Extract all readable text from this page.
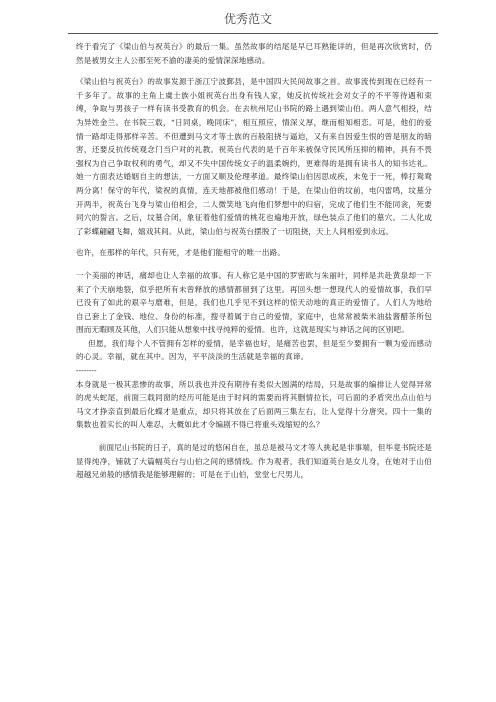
优秀范文

终于看完了《梁山伯与祝英台》的最后一集。虽然故事的结尾是早已耳熟能详的，但是再次欣赏时，仍然是被男女主人公那至死不渝的凄美的爱情深深地感动。

《梁山伯与祝英台》的故事发源于浙江宁波鄞县，是中国四大民间故事之首。故事流传到现在已经有一千多年了。故事的主角上虞士族小姐祝英台出身有钱人家，她反抗传统社会对女子的不平等待遇和束缚，争取与男孩子一样有读书受教育的机会。在去杭州尼山书院的路上遇到梁山伯。两人意气相投，结为异姓金兰。在书院三载，“日同桌，晚同床”，相互照应，情深义厚，继而相知相恋。可是，他们的爱情一路却走得那样辛苦。不但遭到马文才等士族的百般阻挠与逼迫，又有来自因爱生恨的曾是朋友的暗害，还要反抗传统观念门当户对的礼教。祝英台代表的是千百年来被保守民风所压抑的精神，具有不畏强权为自己争取权利的勇气，却又不失中国传统女子的温柔婉约，更难得的是拥有读书人的知书达礼。她一方面表达婚姻自主的想法，一方面又顺及伦理孝道。最终梁山伯因思成疾，未免于一死，棒打鸳鸯两分离！保守的年代，梁祝的真情，连天地都被他们感动！于是，在梁山伯的坟前，电闪雷鸣，坟墓分开两半，祝英台飞身与梁山伯相会，二人微笑地飞向他们梦想中的归宿，完成了他们生不能同衾，死要同穴的誓言。之后，坟墓合闭，象征着他们爱情的桃花也遍地开放，绿色装点了他们的墓穴。二人化成了彩蝶翩翩飞舞，嬉戏其间。从此，梁山伯与祝英台摆脱了一切阻挠，天上人间相爱到永远。

也许，在那样的年代，只有死，才是他们能相守的唯一出路。

一个美丽的神话，痛却也让人幸福的故事。有人称它是中国的罗密欧与朱丽叶，同样是共赴黄泉却一下来了个天崩地裂，似乎把所有未曾释放的感情都留到了这里。再回头想一想现代人的爱情故事，我们早已没有了如此的艰辛与磨难，但是，我们也几乎见不到这样的惊天动地的真正的爱情了。人们人为地给自己套上了金钱、地位、身份的标准，搜寻着属于自己的爱情，家庭中，也常常被柴米油盐酱醋茶所包围而无暇顾及其他，人们只能从想象中找寻纯粹的爱情。也许，这就是现实与神话之间的区别吧。

但愿，我们每个人不管拥有怎样的爱情，是幸福也好，是痛苦也罢，但是至少要拥有一颗为爱而感动的心灵。幸福，就在其中。因为，平平淡淡的生活就是幸福的真谛。

--------

本身就是一极其悲惨的故事，所以我也并没有期待有类似大圆满的结局，只是故事的编排让人觉得异常的虎头蛇尾，前面三载同窗的经历可能是由于时间的需要而将其删情拉长，可后面的矛盾突出点山伯与马文才挣亲直到最后化蝶才是重点，却只将其放在了后面两三集左右，让人觉得十分唐突。四十一集的集数也着实长的叫人难忍，大概如此才令编剧不得已将重头戏缩短的么？

前面尼山书院的日子，真的是过的悠闲自在，虽总是被马文才等人挑起是非事端，但毕竟书院还是显得纯净，铺就了大篇幅英台与山伯之间的感情线。作为观者，我们知道英台是女儿身，在她对于山伯超越兄弟般的感情我是能够理解的；可是在于山伯，堂堂七尺男儿，
